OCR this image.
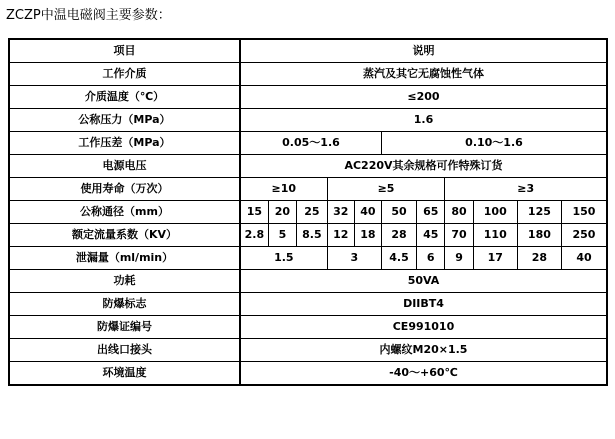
ZCZP中温电磁阀主要参数：
项目	说明										
工作介质	蒸汽及其它无腐蚀性气体										
介质温度（℃）	≤200										
公称压力（MPa）	1.6										
工作压差（MPa）	0.05～1.6					0.10～1.6					
电源电压	AC220V其余规格可作特殊订货										
使用寿命（万次）	≥10			≥5				≥3			
公称通径（mm）	15	20	25	32	40	50	65	80	100	125	150
额定流量系数（KV）	2.8	5	8.5	12	18	28	45	70	110	180	250
泄漏量（ml/min）	1.5			3		4.5	6	9	17	28	40
功耗	50VA										
防爆标志	DIIBT4										
防爆证编号	CE991010										
出线口接头	内螺纹M20×1.5										
环境温度	-40～+60℃										
